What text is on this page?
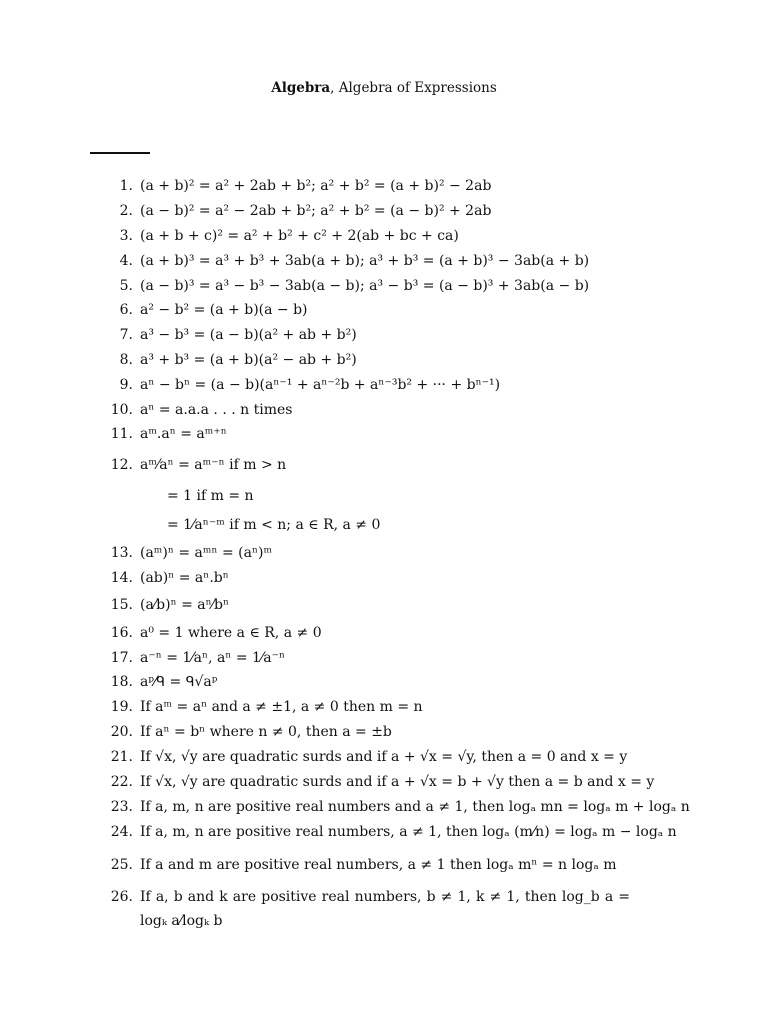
Algebra, Algebra of Expressions
1. (a + b)² = a² + 2ab + b²; a² + b² = (a + b)² − 2ab
2. (a − b)² = a² − 2ab + b²; a² + b² = (a − b)² + 2ab
3. (a + b + c)² = a² + b² + c² + 2(ab + bc + ca)
4. (a + b)³ = a³ + b³ + 3ab(a + b); a³ + b³ = (a + b)³ − 3ab(a + b)
5. (a − b)³ = a³ − b³ − 3ab(a − b); a³ − b³ = (a − b)³ + 3ab(a − b)
6. a² − b² = (a + b)(a − b)
7. a³ − b³ = (a − b)(a² + ab + b²)
8. a³ + b³ = (a + b)(a² − ab + b²)
9. aⁿ − bⁿ = (a − b)(aⁿ⁻¹ + aⁿ⁻²b + aⁿ⁻³b² + ··· + bⁿ⁻¹)
10. aⁿ = a.a.a . . . n times
11. aᵐ.aⁿ = aᵐ⁺ⁿ
12. aᵐ⁄aⁿ = aᵐ⁻ⁿ if m > n
= 1 if m = n
= 1⁄aⁿ⁻ᵐ if m < n; a ∈ R, a ≠ 0
13. (aᵐ)ⁿ = aᵐⁿ = (aⁿ)ᵐ
14. (ab)ⁿ = aⁿ.bⁿ
15. (a⁄b)ⁿ = aⁿ⁄bⁿ
16. a⁰ = 1 where a ∈ R, a ≠ 0
17. a⁻ⁿ = 1⁄aⁿ, aⁿ = 1⁄a⁻ⁿ
18. aᵖ⁄ᑫ = ᑫ√aᵖ
19. If aᵐ = aⁿ and a ≠ ±1, a ≠ 0 then m = n
20. If aⁿ = bⁿ where n ≠ 0, then a = ±b
21. If √x, √y are quadratic surds and if a + √x = √y, then a = 0 and x = y
22. If √x, √y are quadratic surds and if a + √x = b + √y then a = b and x = y
23. If a, m, n are positive real numbers and a ≠ 1, then logₐ mn = logₐ m + logₐ n
24. If a, m, n are positive real numbers, a ≠ 1, then logₐ (m⁄n) = logₐ m − logₐ n
25. If a and m are positive real numbers, a ≠ 1 then logₐ mⁿ = n logₐ m
26. If a, b and k are positive real numbers, b ≠ 1, k ≠ 1, then log_b a = logₖ a⁄logₖ b
